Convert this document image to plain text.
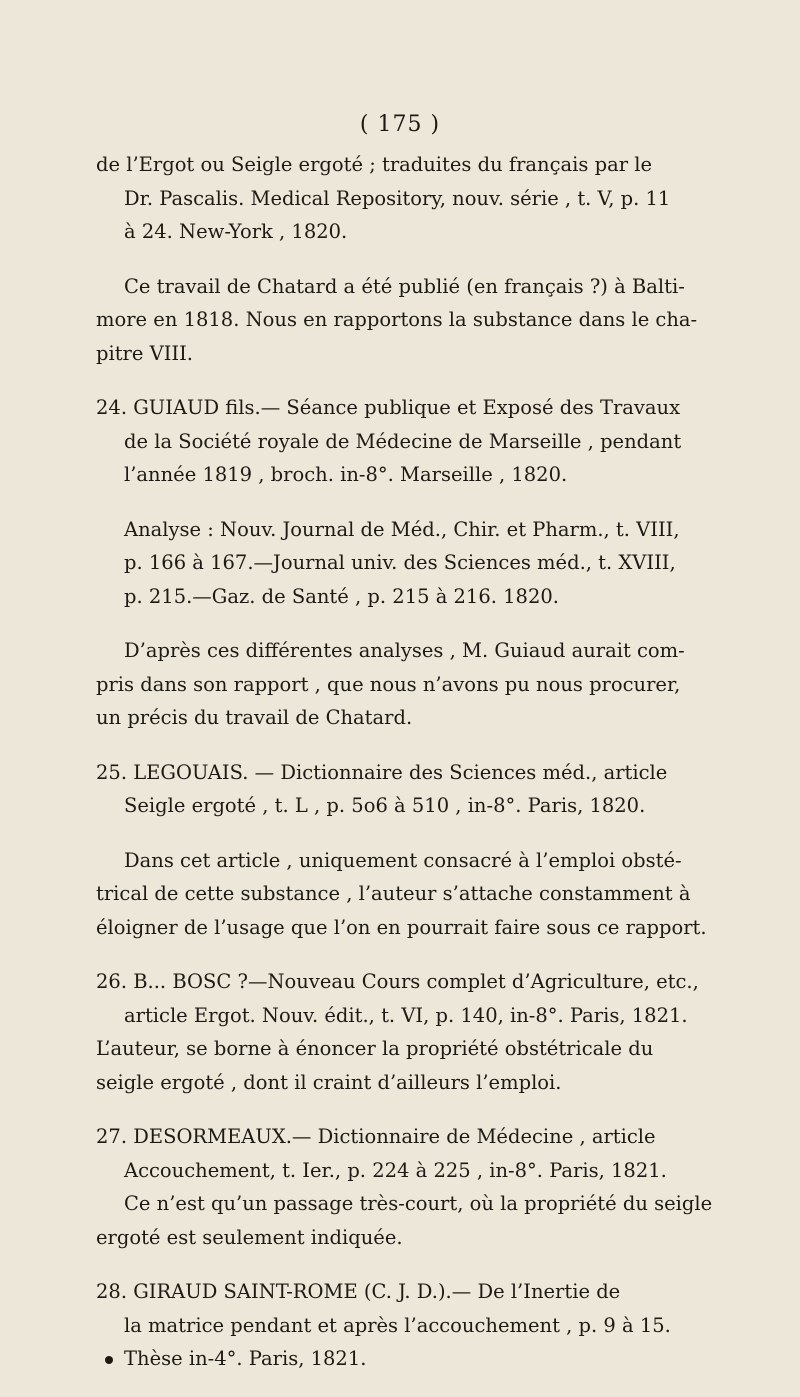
( 175 )
de l’Ergot ou Seigle ergoté ; traduites du français par le
Dr. Pascalis. Medical Repository, nouv. série , t. V, p. 11
à 24. New-York , 1820.
Ce travail de Chatard a été publié (en français ?) à Balti-
more en 1818. Nous en rapportons la substance dans le cha-
pitre VIII.
24. GUIAUD fils.— Séance publique et Exposé des Travaux
de la Société royale de Médecine de Marseille , pendant
l’année 1819 , broch. in-8°. Marseille , 1820.
Analyse : Nouv. Journal de Méd., Chir. et Pharm., t. VIII,
p. 166 à 167.—Journal univ. des Sciences méd., t. XVIII,
p. 215.—Gaz. de Santé , p. 215 à 216. 1820.
D’après ces différentes analyses , M. Guiaud aurait com-
pris dans son rapport , que nous n’avons pu nous procurer,
un précis du travail de Chatard.
25. LEGOUAIS. — Dictionnaire des Sciences méd., article
Seigle ergoté , t. L , p. 5o6 à 510 , in-8°. Paris, 1820.
Dans cet article , uniquement consacré à l’emploi obsté-
trical de cette substance , l’auteur s’attache constamment à
éloigner de l’usage que l’on en pourrait faire sous ce rapport.
26. B... BOSC ?—Nouveau Cours complet d’Agriculture, etc.,
article Ergot. Nouv. édit., t. VI, p. 140, in-8°. Paris, 1821.
L’auteur, se borne à énoncer la propriété obstétricale du
seigle ergoté , dont il craint d’ailleurs l’emploi.
27. DESORMEAUX.— Dictionnaire de Médecine , article
Accouchement, t. Ier., p. 224 à 225 , in-8°. Paris, 1821.
Ce n’est qu’un passage très-court, où la propriété du seigle
ergoté est seulement indiquée.
28. GIRAUD SAINT-ROME (C. J. D.).— De l’Inertie de
la matrice pendant et après l’accouchement , p. 9 à 15.
Thèse in-4°. Paris, 1821.
